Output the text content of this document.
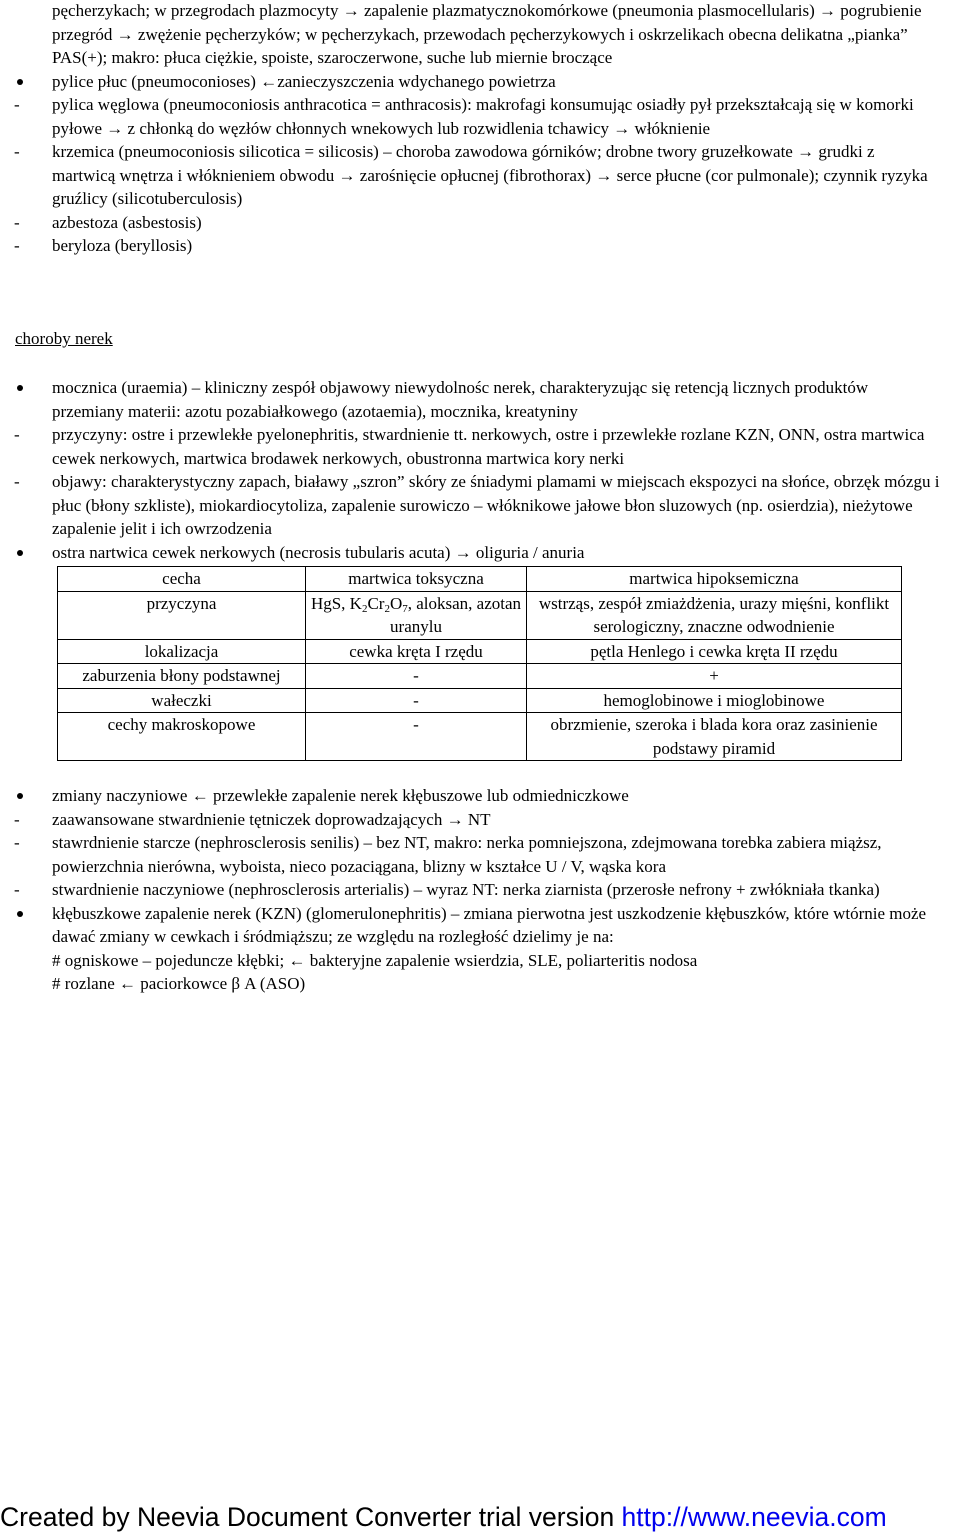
pęcherzykach; w przegrodach plazmocyty → zapalenie plazmatycznokomórkowe (pneumonia plasmocellularis) → pogrubienie przegród → zwężenie pęcherzyków; w pęcherzykach, przewodach pęcherzykowych i oskrzelikach obecna delikatna „pianka” PAS(+); makro: płuca ciężkie, spoiste, szaroczerwone, suche lub miernie broczące
pylice płuc (pneumoconioses) ←zanieczyszczenia wdychanego powietrza
- pylica węglowa (pneumoconiosis anthracotica = anthracosis): makrofagi konsumując osiadły pył przekształcają się w komorki pyłowe → z chłonką do węzłów chłonnych wnekowych lub rozwidlenia tchawicy → włóknienie
- krzemica (pneumoconiosis silicotica = silicosis) – choroba zawodowa górników; drobne twory gruzełkowate → grudki z martwicą wnętrza i włóknieniem obwodu → zarośnięcie opłucnej (fibrothorax) → serce płucne (cor pulmonale); czynnik ryzyka gruźlicy (silicotuberculosis)
- azbestoza (asbestosis)
- beryloza (beryllosis)
choroby nerek
mocznica (uraemia) – kliniczny zespół objawowy niewydolnośc nerek, charakteryzując się retencją licznych produktów przemiany materii: azotu pozabiałkowego (azotaemia), mocznika, kreatyniny
- przyczyny: ostre i przewlekłe pyelonephritis, stwardnienie tt. nerkowych, ostre i przewlekłe rozlane KZN, ONN, ostra martwica cewek nerkowych, martwica brodawek nerkowych, obustronna martwica kory nerki
- objawy: charakterystyczny zapach, białawy „szron” skóry ze śniadymi plamami w miejscach ekspozyci na słońce, obrzęk mózgu i płuc (błony szkliste), miokardiocytoliza, zapalenie surowiczo – włóknikowe jałowe błon sluzowych (np. osierdzia), nieżytowe zapalenie jelit i ich owrzodzenia
ostra nartwica cewek nerkowych (necrosis tubularis acuta) → oliguria / anuria
cecha	martwica toksyczna	martwica hipoksemiczna
przyczyna	HgS, $K_2Cr_2O_7$, aloksan, azotan uranylu	wstrząs, zespół zmiażdżenia, urazy mięśni, konflikt serologiczny, znaczne odwodnienie
lokalizacja	cewka kręta I rzędu	pętla Henlego i cewka kręta II rzędu
zaburzenia błony podstawnej	-	+
wałeczki	-	hemoglobinowe i mioglobinowe
cechy makroskopowe	-	obrzmienie, szeroka i blada kora oraz zasinienie podstawy piramid
zmiany naczyniowe ← przewlekłe zapalenie nerek kłębuszowe lub odmiedniczkowe
- zaawansowane stwardnienie tętniczek doprowadzających → NT
- stawrdnienie starcze (nephrosclerosis senilis) – bez NT, makro: nerka pomniejszona, zdejmowana torebka zabiera miąższ, powierzchnia nierówna, wyboista, nieco pozaciągana, blizny w kształce U / V, wąska kora
- stwardnienie naczyniowe (nephrosclerosis arterialis) – wyraz NT: nerka ziarnista (przerosłe nefrony + zwłókniała tkanka)
kłębuszkowe zapalenie nerek (KZN) (glomerulonephritis) – zmiana pierwotna jest uszkodzenie kłębuszków, które wtórnie może dawać zmiany w cewkach i śródmiąższu; ze względu na rozległość dzielimy je na:
# ogniskowe – pojeduncze kłębki; ← bakteryjne zapalenie wsierdzia, SLE, poliarteritis nodosa
# rozlane ← paciorkowce β A (ASO)
Created by Neevia Document Converter trial version http://www.neevia.com
